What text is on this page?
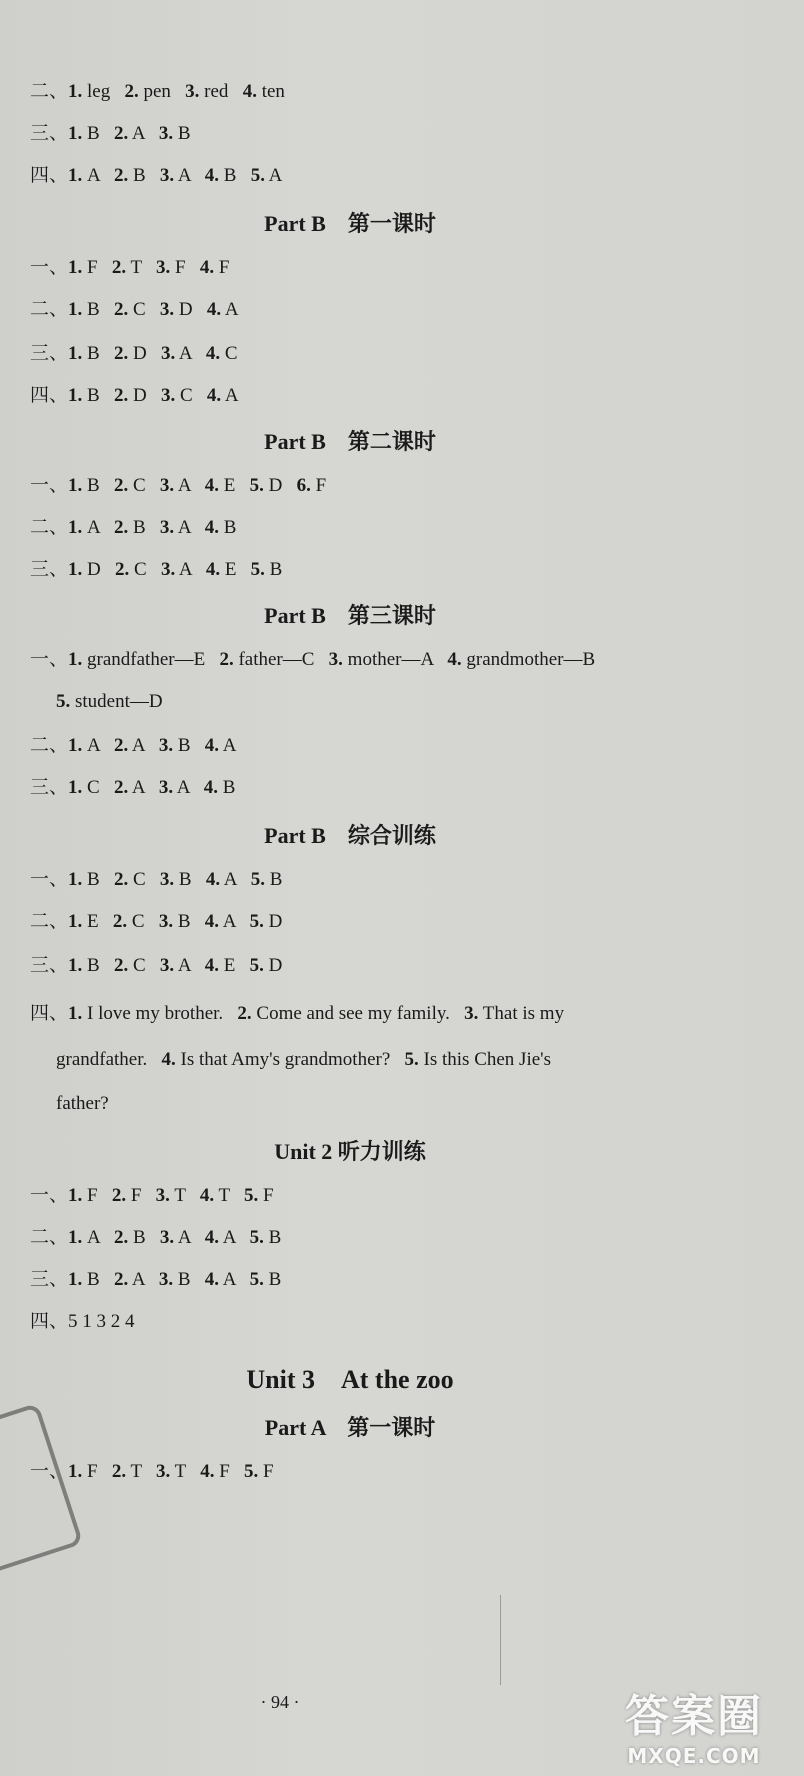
二、1. leg 2. pen 3. red 4. ten
三、1. B 2. A 3. B
四、1. A 2. B 3. A 4. B 5. A
Part B　第一课时
一、1. F 2. T 3. F 4. F
二、1. B 2. C 3. D 4. A
三、1. B 2. D 3. A 4. C
四、1. B 2. D 3. C 4. A
Part B　第二课时
一、1. B 2. C 3. A 4. E 5. D 6. F
二、1. A 2. B 3. A 4. B
三、1. D 2. C 3. A 4. E 5. B
Part B　第三课时
一、1. grandfather—E 2. father—C 3. mother—A 4. grandmother—B
5. student—D
二、1. A 2. A 3. B 4. A
三、1. C 2. A 3. A 4. B
Part B　综合训练
一、1. B 2. C 3. B 4. A 5. B
二、1. E 2. C 3. B 4. A 5. D
三、1. B 2. C 3. A 4. E 5. D
四、1. I love my brother. 2. Come and see my family. 3. That is my
grandfather. 4. Is that Amy's grandmother? 5. Is this Chen Jie's
father?
Unit 2 听力训练
一、1. F 2. F 3. T 4. T 5. F
二、1. A 2. B 3. A 4. A 5. B
三、1. B 2. A 3. B 4. A 5. B
四、5 1 3 2 4
Unit 3　At the zoo
Part A　第一课时
一、1. F 2. T 3. T 4. F 5. F
· 94 ·	答案圈
MXQE.COM
